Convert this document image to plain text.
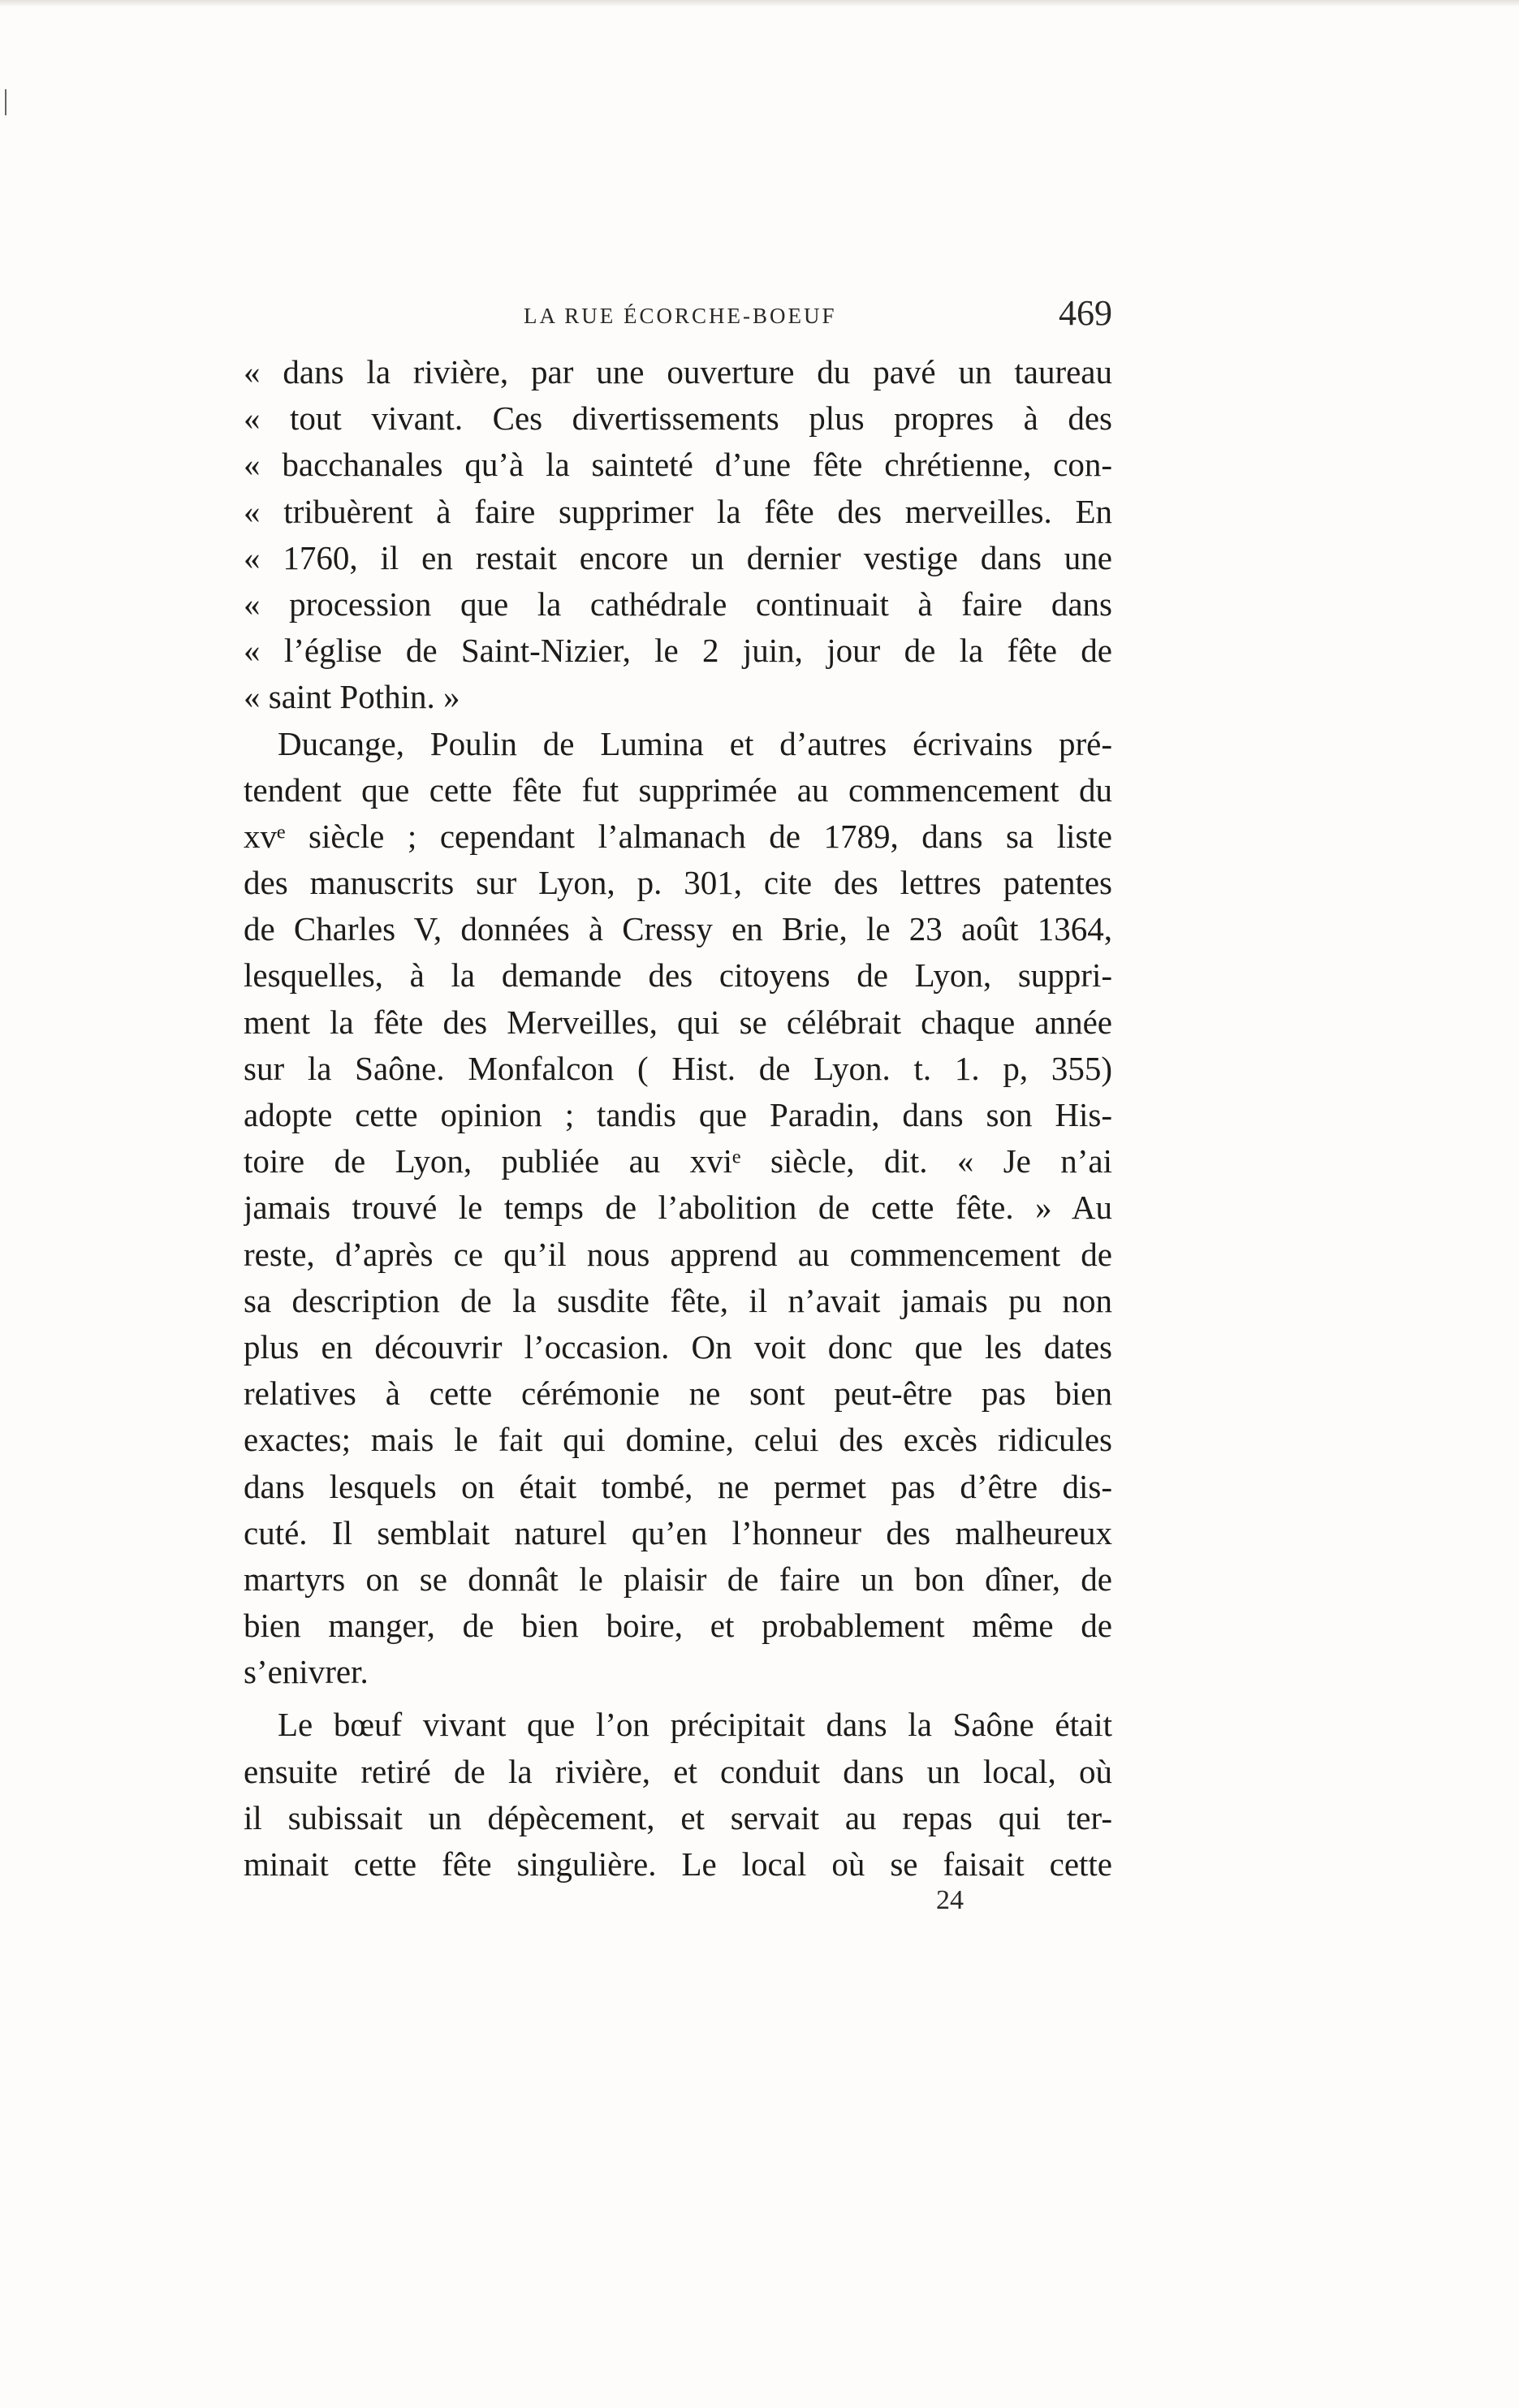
LA RUE ÉCORCHE-BOEUF	469
« dans la rivière, par une ouverture du pavé un taureau
« tout vivant. Ces divertissements plus propres à des
« bacchanales qu’à la sainteté d’une fête chrétienne, con-
« tribuèrent à faire supprimer la fête des merveilles. En
« 1760, il en restait encore un dernier vestige dans une
« procession que la cathédrale continuait à faire dans
« l’église de Saint-Nizier, le 2 juin, jour de la fête de
« saint Pothin. »
Ducange, Poulin de Lumina et d’autres écrivains pré-
tendent que cette fête fut supprimée au commencement du
xvᵉ siècle ; cependant l’almanach de 1789, dans sa liste
des manuscrits sur Lyon, p. 301, cite des lettres patentes
de Charles V, données à Cressy en Brie, le 23 août 1364,
lesquelles, à la demande des citoyens de Lyon, suppri-
ment la fête des Merveilles, qui se célébrait chaque année
sur la Saône. Monfalcon ( Hist. de Lyon. t. 1. p, 355)
adopte cette opinion ; tandis que Paradin, dans son His-
toire de Lyon, publiée au xviᵉ siècle, dit. « Je n’ai
jamais trouvé le temps de l’abolition de cette fête. » Au
reste, d’après ce qu’il nous apprend au commencement de
sa description de la susdite fête, il n’avait jamais pu non
plus en découvrir l’occasion. On voit donc que les dates
relatives à cette cérémonie ne sont peut-être pas bien
exactes; mais le fait qui domine, celui des excès ridicules
dans lesquels on était tombé, ne permet pas d’être dis-
cuté. Il semblait naturel qu’en l’honneur des malheureux
martyrs on se donnât le plaisir de faire un bon dîner, de
bien manger, de bien boire, et probablement même de
s’enivrer.
Le bœuf vivant que l’on précipitait dans la Saône était
ensuite retiré de la rivière, et conduit dans un local, où
il subissait un dépècement, et servait au repas qui ter-
minait cette fête singulière. Le local où se faisait cette
24
